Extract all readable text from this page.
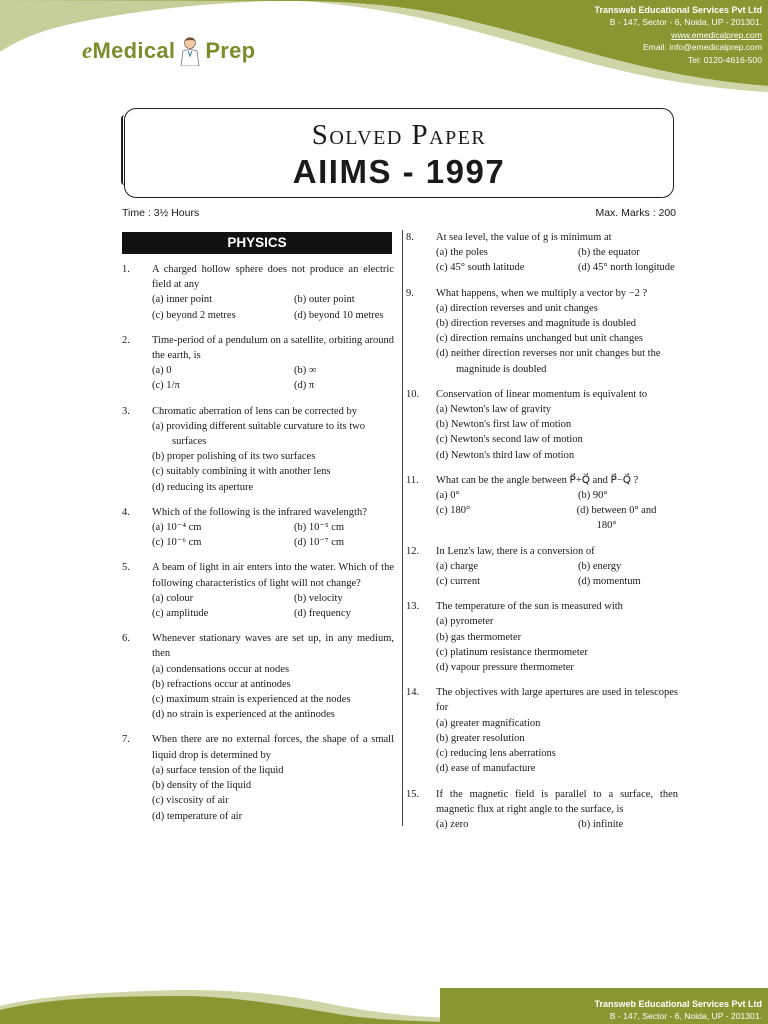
eMedical Prep
Transweb Educational Services Pvt Ltd
B - 147, Sector - 6, Noida, UP - 201301.
www.emedicalprep.com
Email: info@emedicalprep.com
Tel: 0120-4616-500
Solved Paper
AIIMS - 1997
Time : 3½ Hours	Max. Marks : 200
PHYSICS
1. A charged hollow sphere does not produce an electric field at any
(a) inner point	(b) outer point
(c) beyond 2 metres	(d) beyond 10 metres
2. Time-period of a pendulum on a satellite, orbiting around the earth, is
(a) 0	(b) ∞
(c) 1/π	(d) π
3. Chromatic aberration of lens can be corrected by
(a) providing different suitable curvature to its two surfaces
(b) proper polishing of its two surfaces
(c) suitably combining it with another lens
(d) reducing its aperture
4. Which of the following is the infrared wavelength?
(a) 10⁻⁴ cm	(b) 10⁻⁵ cm
(c) 10⁻⁶ cm	(d) 10⁻⁷ cm
5. A beam of light in air enters into the water. Which of the following characteristics of light will not change?
(a) colour	(b) velocity
(c) amplitude	(d) frequency
6. Whenever stationary waves are set up, in any medium, then
(a) condensations occur at nodes
(b) refractions occur at antinodes
(c) maximum strain is experienced at the nodes
(d) no strain is experienced at the antinodes
7. When there are no external forces, the shape of a small liquid drop is determined by
(a) surface tension of the liquid
(b) density of the liquid
(c) viscosity of air
(d) temperature of air
8. At sea level, the value of g is minimum at
(a) the poles	(b) the equator
(c) 45° south latitude	(d) 45° north longitude
9. What happens, when we multiply a vector by −2 ?
(a) direction reverses and unit changes
(b) direction reverses and magnitude is doubled
(c) direction remains unchanged but unit changes
(d) neither direction reverses nor unit changes but the magnitude is doubled
10. Conservation of linear momentum is equivalent to
(a) Newton's law of gravity
(b) Newton's first law of motion
(c) Newton's second law of motion
(d) Newton's third law of motion
11. What can be the angle between P⃗+Q⃗ and P⃗−Q⃗ ?
(a) 0°	(b) 90°
(c) 180°	(d) between 0° and 180°
12. In Lenz's law, there is a conversion of
(a) charge	(b) energy
(c) current	(d) momentum
13. The temperature of the sun is measured with
(a) pyrometer
(b) gas thermometer
(c) platinum resistance thermometer
(d) vapour pressure thermometer
14. The objectives with large apertures are used in telescopes for
(a) greater magnification
(b) greater resolution
(c) reducing lens aberrations
(d) ease of manufacture
15. If the magnetic field is parallel to a surface, then magnetic flux at right angle to the surface, is
(a) zero	(b) infinite
Transweb Educational Services Pvt Ltd
B - 147, Sector - 6, Noida, UP - 201301.
